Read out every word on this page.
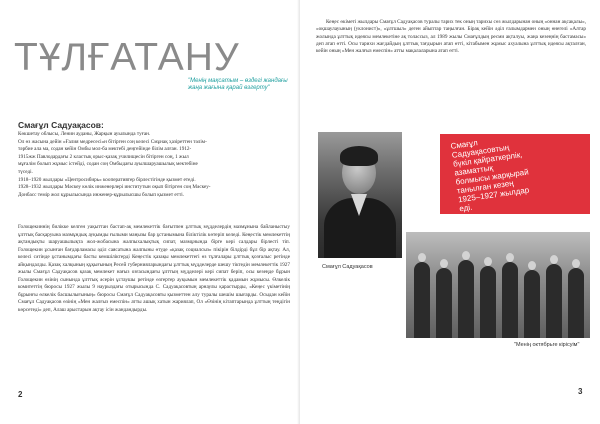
ТҰЛҒАТАНУ
"Менің мақсатым – өздегі жандағы жаңа жағына қарай өзгерту"
Смағұл Садуақасов:

Көкшетау облысы, Ленин ауданы, Жарқын ауылында туған.

Ол өз жасына дейін «Ғалия медресесі»н бітірген соң келесі Смұнақ ҳазіреттен тәлім-

тәрбие ала ма, содан кейін Омбы мол-ба мектебі деңгейінде білім алған. 1912-

1915жж Павлодардағы 2 кластық орыс-қазақ училищесін бітірген соң, 1 жыл

мұғалім болып жұмыс істейді, содан соң Омбыдағы ауылшаруашылық мектебіне

түседі.

1918–1920 жылдары «Центросибирь» кооперативтер бірлестігінде қызмет етеді.

1928–1932 жылдары Мәскеу көлік инженерлері институтын оқып бітірген соң Мәскеу-

Донбасс темір жол құрылысында инженер-құрылысшы болып қызмет етті.

Голощекиннің билікке келген уақыттан бастап-ақ мемлекеттік бағытпен ұлттық мүдделердің мазмұнына байланыстыу ұлттық басқаруына мазмұндық ауқымды ғылыми маңызы бар ұстанымына біліктілік көтеріп келеді. Кеңестік мемлекеттің ақтандықты шаруашылықта жол-жобасына жалпыхалықтық сипат, мазмұнында бірге кері салдары бірлесті тіп. Голощекин ұсынған бағдарламасы әділ саясатына жалпыны өтуде «қазақ социалсыз» пікірін білдірді бұл бір ақтау. Ал, келесі сәтінде ұстанымдағы басты кемшіліктерді Кеңестік қазақы мемлекеттегі өз тұлғалары ұлттық қозғалыс ретінде айқындалды. Қазақ халқының құқығының Ресей губернияларындағы ұлттық мүдделерде шешу тіктедін мемлекеттік 1927 жылы Смағұл Садуақасов қазақ мемлекет нағыз озғасындағы ұлттың мүдделері кері сипат беріп, осы кезеңде бұрын Голощекин өзінің сынында ұлттық әсерін ұстаушы ретінде өзгертер ауқымын мемлекеттік қадамын жұмысы. Өлкелік комитеттің бюросы 1927 жылы 9 наурыздағы отырысында С. Садуақасовтың арнаулы қарастырды, «Кеңес үкіметінің бұрынғы өлкелік басшылығының» бюросы Смағұл Садуақасовты қызметтен алу туралы шешім шығарды. Осыдан кейін Смағұл Садуақасов өзінің «Мен жалғыз емеспін» атты ашық хатын жариялап, Ол «Өзінің кітаптарында ұлттың теңдігін көрсетеді» деп, Алаш арыстарын ақтау ісін жандандырды.

2

Кеңес өкіметі жылдары Смағұл Садуақасов туралы тарих тек оның тарихы сөз жылдарынан оның «оннан ақсақалы», «оқшаулауының (уклонист)», «ұлтшыл» деген айыптар таңылған. Бірақ кейін әділ ғалымдармен оның өнегелі «Алтар жолында ұлттық идеясы мемлекетіне ақ толассыз, ал 1989 жылы Смағұлдың ресми ақталуы, жаңа кезеңнің бастамасы» деп атап өтті. Осы тарихи жағдайдың ұлттық тағдырын атап өтті, кітабымен жұмыс ахуалына ұлттық идеясы ақталған, кейін оның «Мен жалғыз емеспін» атты мақалаларына атап өтті.

Смағұл Садуақасов
Смағұл Садуақасовтың бүкіл қайраткерлік, азаматтық болмысы жарқырай танылған кезең 1925–1927 жылдар еді.
"Менің октябрьге кірісуім"
3
